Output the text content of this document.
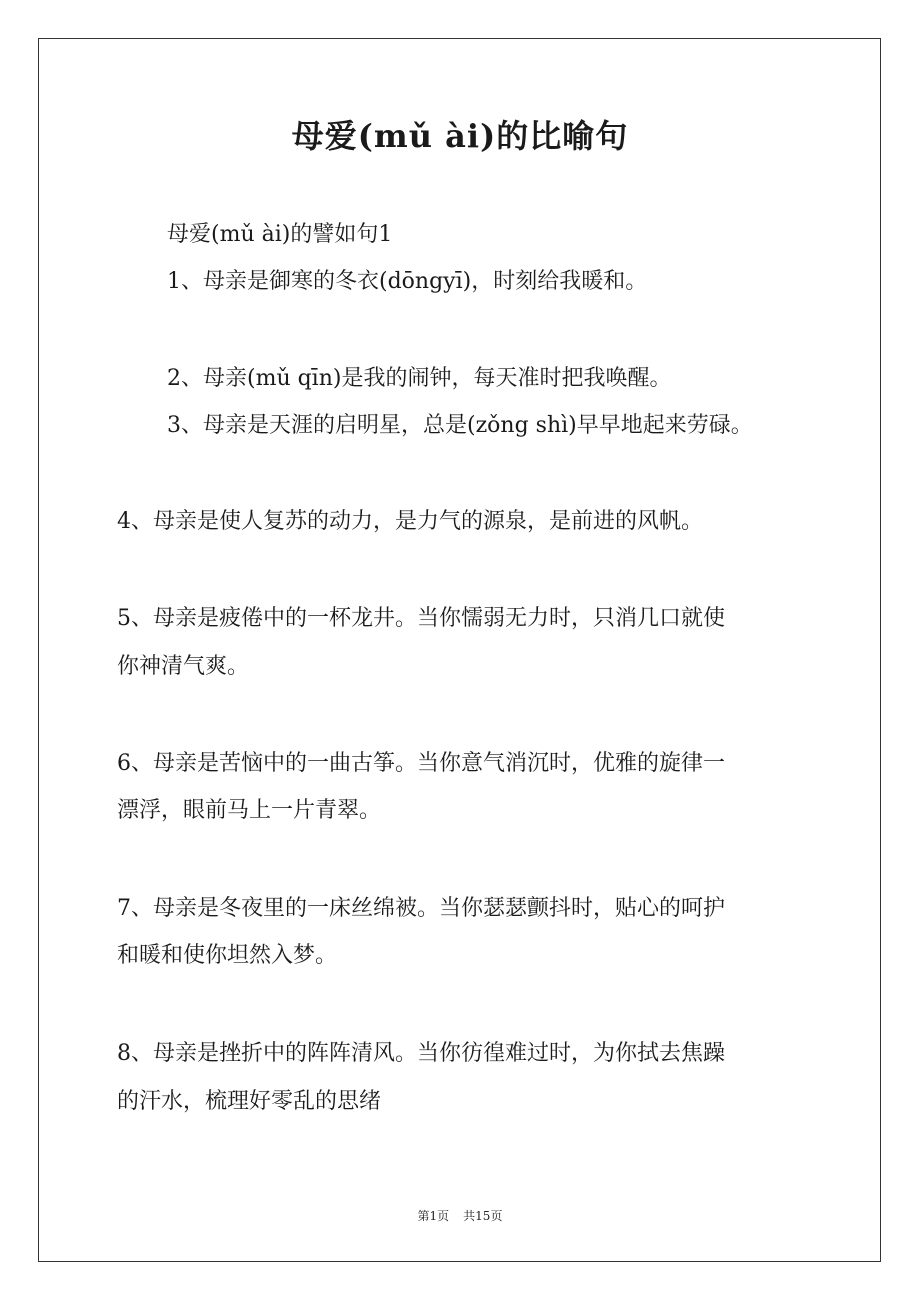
母爱(mǔ ài)的比喻句
母爱(mǔ ài)的譬如句1
1、母亲是御寒的冬衣(dōngyī)，时刻给我暖和。
2、母亲(mǔ qīn)是我的闹钟，每天准时把我唤醒。
3、母亲是天涯的启明星，总是(zǒng shì)早早地起来劳碌。
4、母亲是使人复苏的动力，是力气的源泉，是前进的风帆。
5、母亲是疲倦中的一杯龙井。当你懦弱无力时，只消几口就使
你神清气爽。
6、母亲是苦恼中的一曲古筝。当你意气消沉时，优雅的旋律一
漂浮，眼前马上一片青翠。
7、母亲是冬夜里的一床丝绵被。当你瑟瑟颤抖时，贴心的呵护
和暖和使你坦然入梦。
8、母亲是挫折中的阵阵清风。当你彷徨难过时，为你拭去焦躁
的汗水，梳理好零乱的思绪
第1页 共15页
